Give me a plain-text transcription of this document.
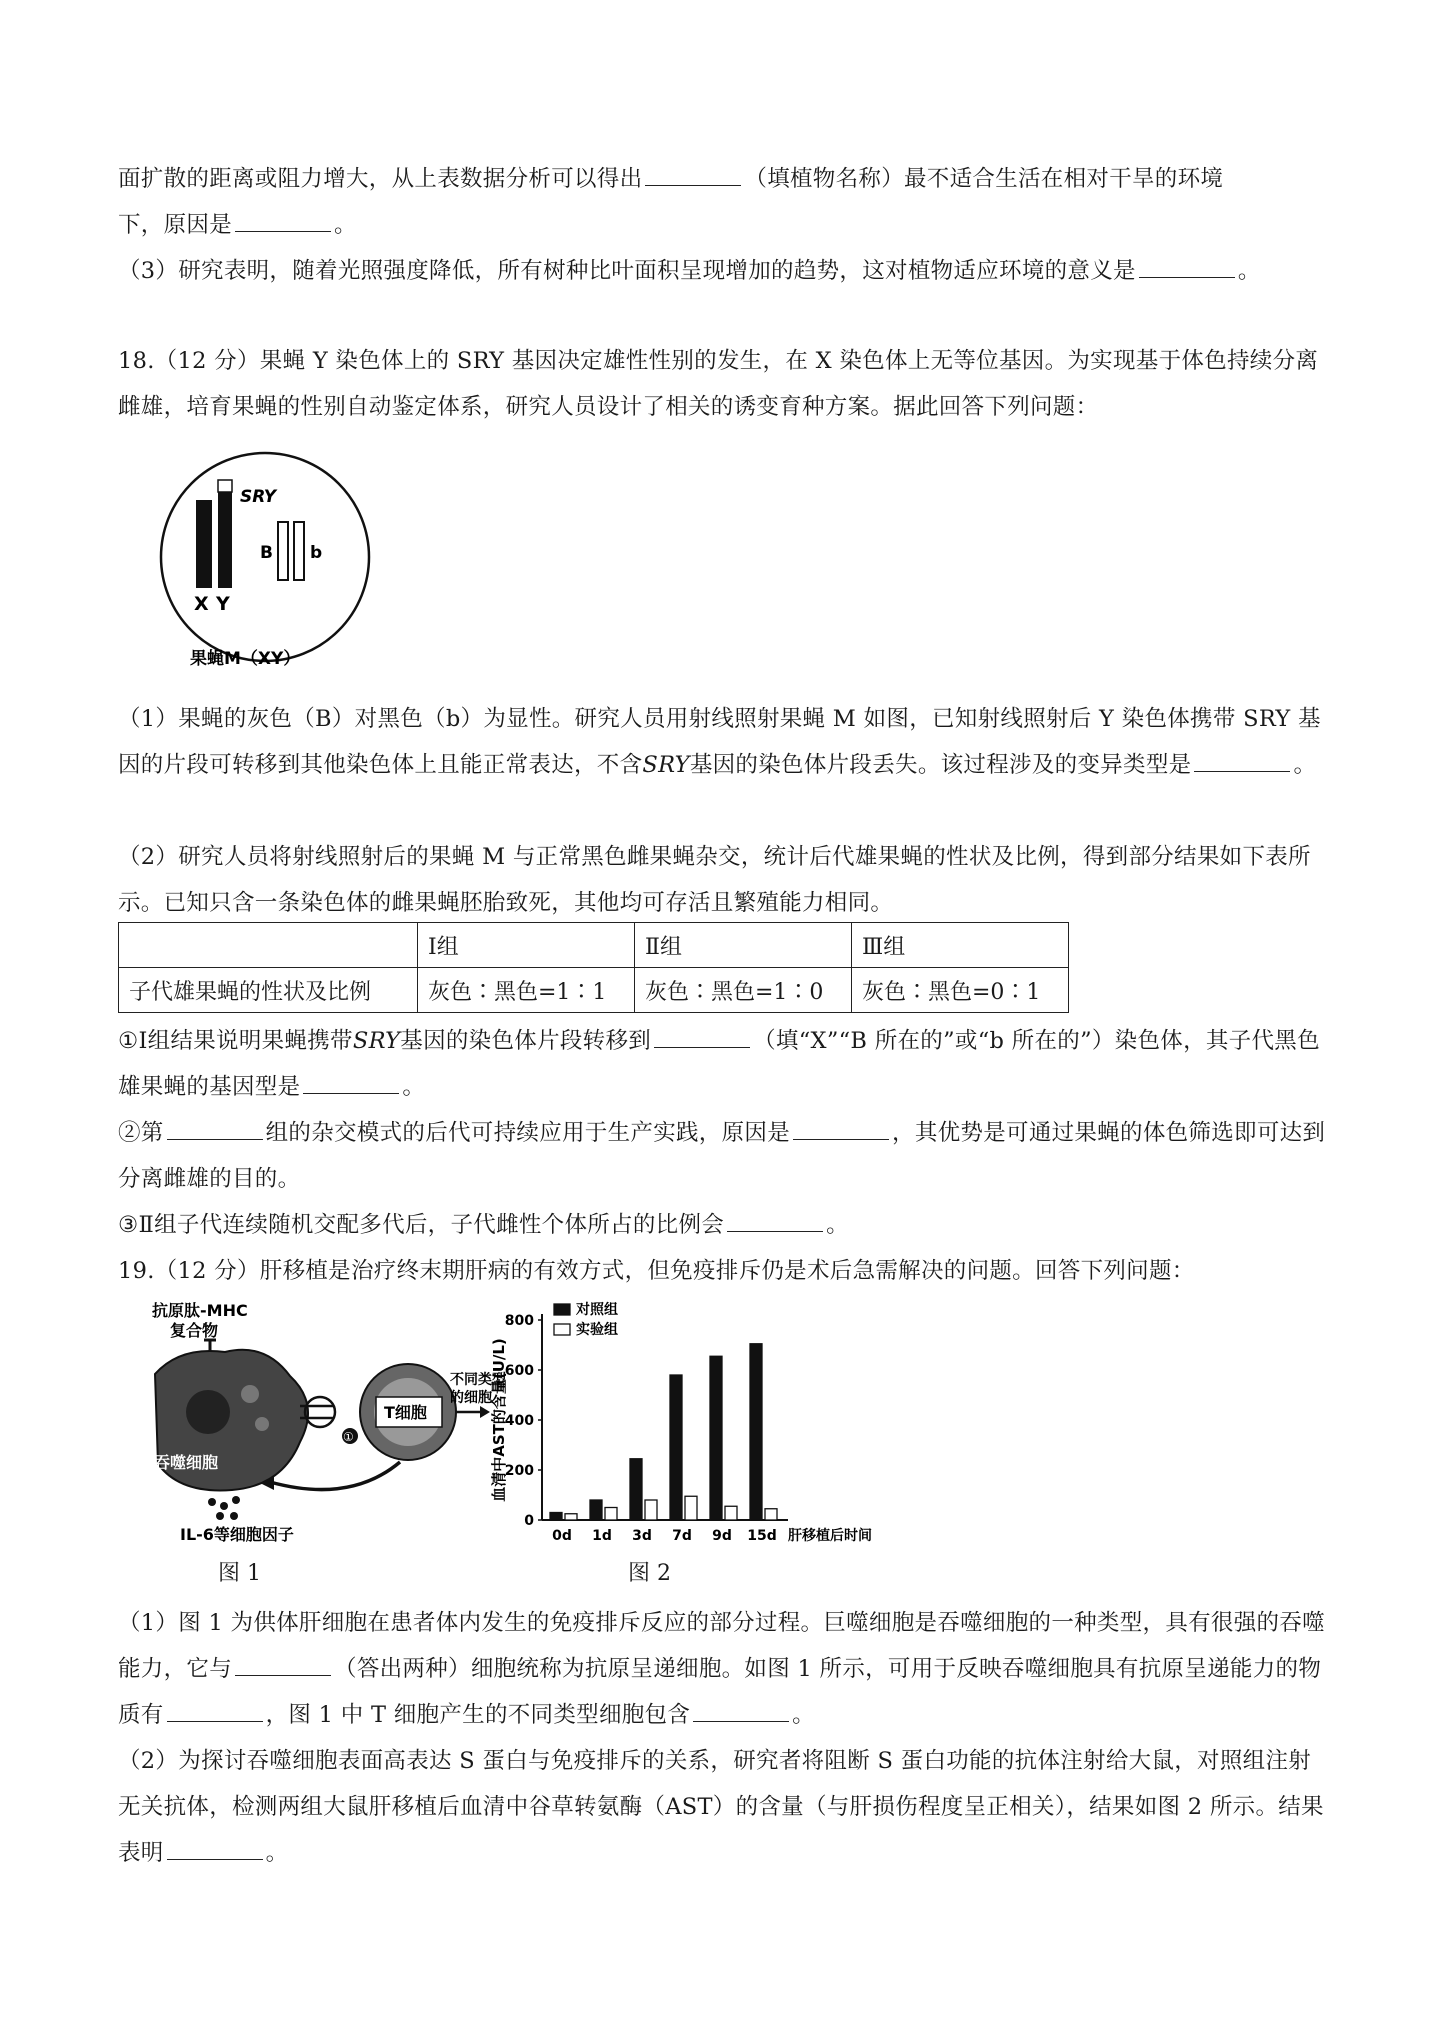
面扩散的距离或阻力增大，从上表数据分析可以得出	（填植物名称）最不适合生活在相对干旱的环境

下，原因是	。

（3）研究表明，随着光照强度降低，所有树种比叶面积呈现增加的趋势，这对植物适应环境的意义是	。

18.（12 分）果蝇 Y 染色体上的 SRY 基因决定雄性性别的发生，在 X 染色体上无等位基因。为实现基于体色持续分离雌雄，培育果蝇的性别自动鉴定体系，研究人员设计了相关的诱变育种方案。据此回答下列问题：

SRY
X Y
B b
果蝇M（XY）

（1）果蝇的灰色（B）对黑色（b）为显性。研究人员用射线照射果蝇 M 如图，已知射线照射后 Y 染色体携带 SRY 基因的片段可转移到其他染色体上且能正常表达，不含SRY基因的染色体片段丢失。该过程涉及的变异类型是	。

（2）研究人员将射线照射后的果蝇 M 与正常黑色雌果蝇杂交，统计后代雄果蝇的性状及比例，得到部分结果如下表所示。已知只含一条染色体的雌果蝇胚胎致死，其他均可存活且繁殖能力相同。

	Ⅰ组	Ⅱ组	Ⅲ组
子代雄果蝇的性状及比例	灰色∶黑色=1∶1	灰色∶黑色=1∶0	灰色∶黑色=0∶1

①Ⅰ组结果说明果蝇携带SRY基因的染色体片段转移到	（填“X”“B 所在的”或“b 所在的”）染色体，其子代黑色雄果蝇的基因型是	。

②第	组的杂交模式的后代可持续应用于生产实践，原因是	，其优势是可通过果蝇的体色筛选即可达到分离雌雄的目的。

③Ⅱ组子代连续随机交配多代后，子代雌性个体所占的比例会	。

19.（12 分）肝移植是治疗终末期肝病的有效方式，但免疫排斥仍是术后急需解决的问题。回答下列问题：

抗原肽-MHC
复合物
吞噬细胞
①
T细胞
不同类型
的细胞
IL-6等细胞因子
图 1
0
200
400
600
800
血清中AST的含量(U/L)
0d 1d 3d 7d 9d 15d 肝移植后时间
对照组
实验组
图 2

（1）图 1 为供体肝细胞在患者体内发生的免疫排斥反应的部分过程。巨噬细胞是吞噬细胞的一种类型，具有很强的吞噬能力，它与	（答出两种）细胞统称为抗原呈递细胞。如图 1 所示，可用于反映吞噬细胞具有抗原呈递能力的物质有	，图 1 中 T 细胞产生的不同类型细胞包含	。

（2）为探讨吞噬细胞表面高表达 S 蛋白与免疫排斥的关系，研究者将阻断 S 蛋白功能的抗体注射给大鼠，对照组注射无关抗体，检测两组大鼠肝移植后血清中谷草转氨酶（AST）的含量（与肝损伤程度呈正相关），结果如图 2 所示。结果表明	。
